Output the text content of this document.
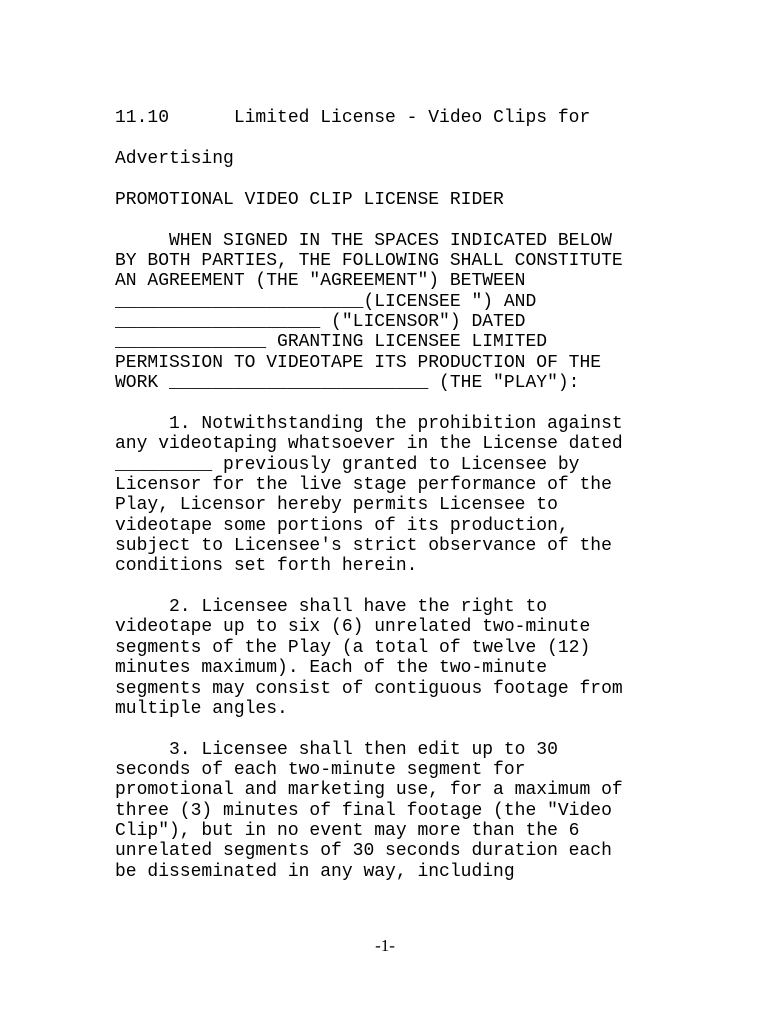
11.10	Limited License - Video Clips for
Advertising
PROMOTIONAL VIDEO CLIP LICENSE RIDER
WHEN SIGNED IN THE SPACES INDICATED BELOW
BY BOTH PARTIES, THE FOLLOWING SHALL CONSTITUTE
AN AGREEMENT (THE "AGREEMENT") BETWEEN
_______________________(LICENSEE ") AND
___________________ ("LICENSOR") DATED
______________ GRANTING LICENSEE LIMITED
PERMISSION TO VIDEOTAPE ITS PRODUCTION OF THE
WORK ________________________ (THE "PLAY"):
1. Notwithstanding the prohibition against
any videotaping whatsoever in the License dated
_________ previously granted to Licensee by
Licensor for the live stage performance of the
Play, Licensor hereby permits Licensee to
videotape some portions of its production,
subject to Licensee's strict observance of the
conditions set forth herein.
2. Licensee shall have the right to
videotape up to six (6) unrelated two-minute
segments of the Play (a total of twelve (12)
minutes maximum). Each of the two-minute
segments may consist of contiguous footage from
multiple angles.
3. Licensee shall then edit up to 30
seconds of each two-minute segment for
promotional and marketing use, for a maximum of
three (3) minutes of final footage (the "Video
Clip"), but in no event may more than the 6
unrelated segments of 30 seconds duration each
be disseminated in any way, including
-1-
